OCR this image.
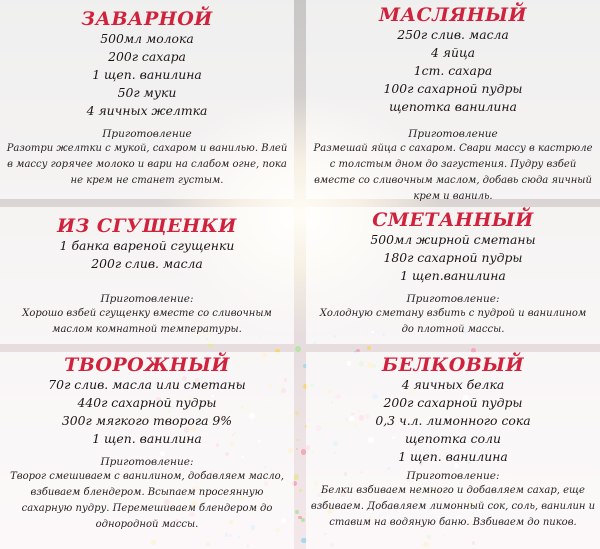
ЗАВАРНОЙ
500мл молока
200г сахара
1 щеп. ванилина
50г муки
4 яичных желтка
Приготовление
Разотри желтки с мукой, сахаром и ванилью. Влей в массу горячее молоко и вари на слабом огне, пока не крем не станет густым.
МАСЛЯНЫЙ
250г слив. масла
4 яйца
1ст. сахара
100г сахарной пудры
щепотка ванилина
Приготовление
Размешай яйца с сахаром. Свари массу в кастрюле с толстым дном до загустения. Пудру взбей вместе со сливочным маслом, добавь сюда яичный крем и ваниль.
ИЗ СГУЩЕНКИ
1 банка вареной сгущенки
200г слив. масла
Приготовление:
Хорошо взбей сгущенку вместе со сливочным маслом комнатной температуры.
СМЕТАННЫЙ
500мл жирной сметаны
180г сахарной пудры
1 щеп.ванилина
Приготовление:
Холодную сметану взбить с пудрой и ванилином до плотной массы.
ТВОРОЖНЫЙ
70г слив. масла или сметаны
440г сахарной пудры
300г мягкого творога 9%
1 щеп. ванилина
Приготовление:
Творог смешиваем с ванилином, добавляем масло, взбиваем блендером. Всыпаем просеянную сахарную пудру. Перемешиваем блендером до однородной массы.
БЕЛКОВЫЙ
4 яичных белка
200г сахарной пудры
0,3 ч.л. лимонного сока
щепотка соли
1 щеп. ванилина
Приготовление:
Белки взбиваем немного и добавляем сахар, еще взбиваем. Добавляем лимонный сок, соль, ванилин и ставим на водяную баню. Взбиваем до пиков.
